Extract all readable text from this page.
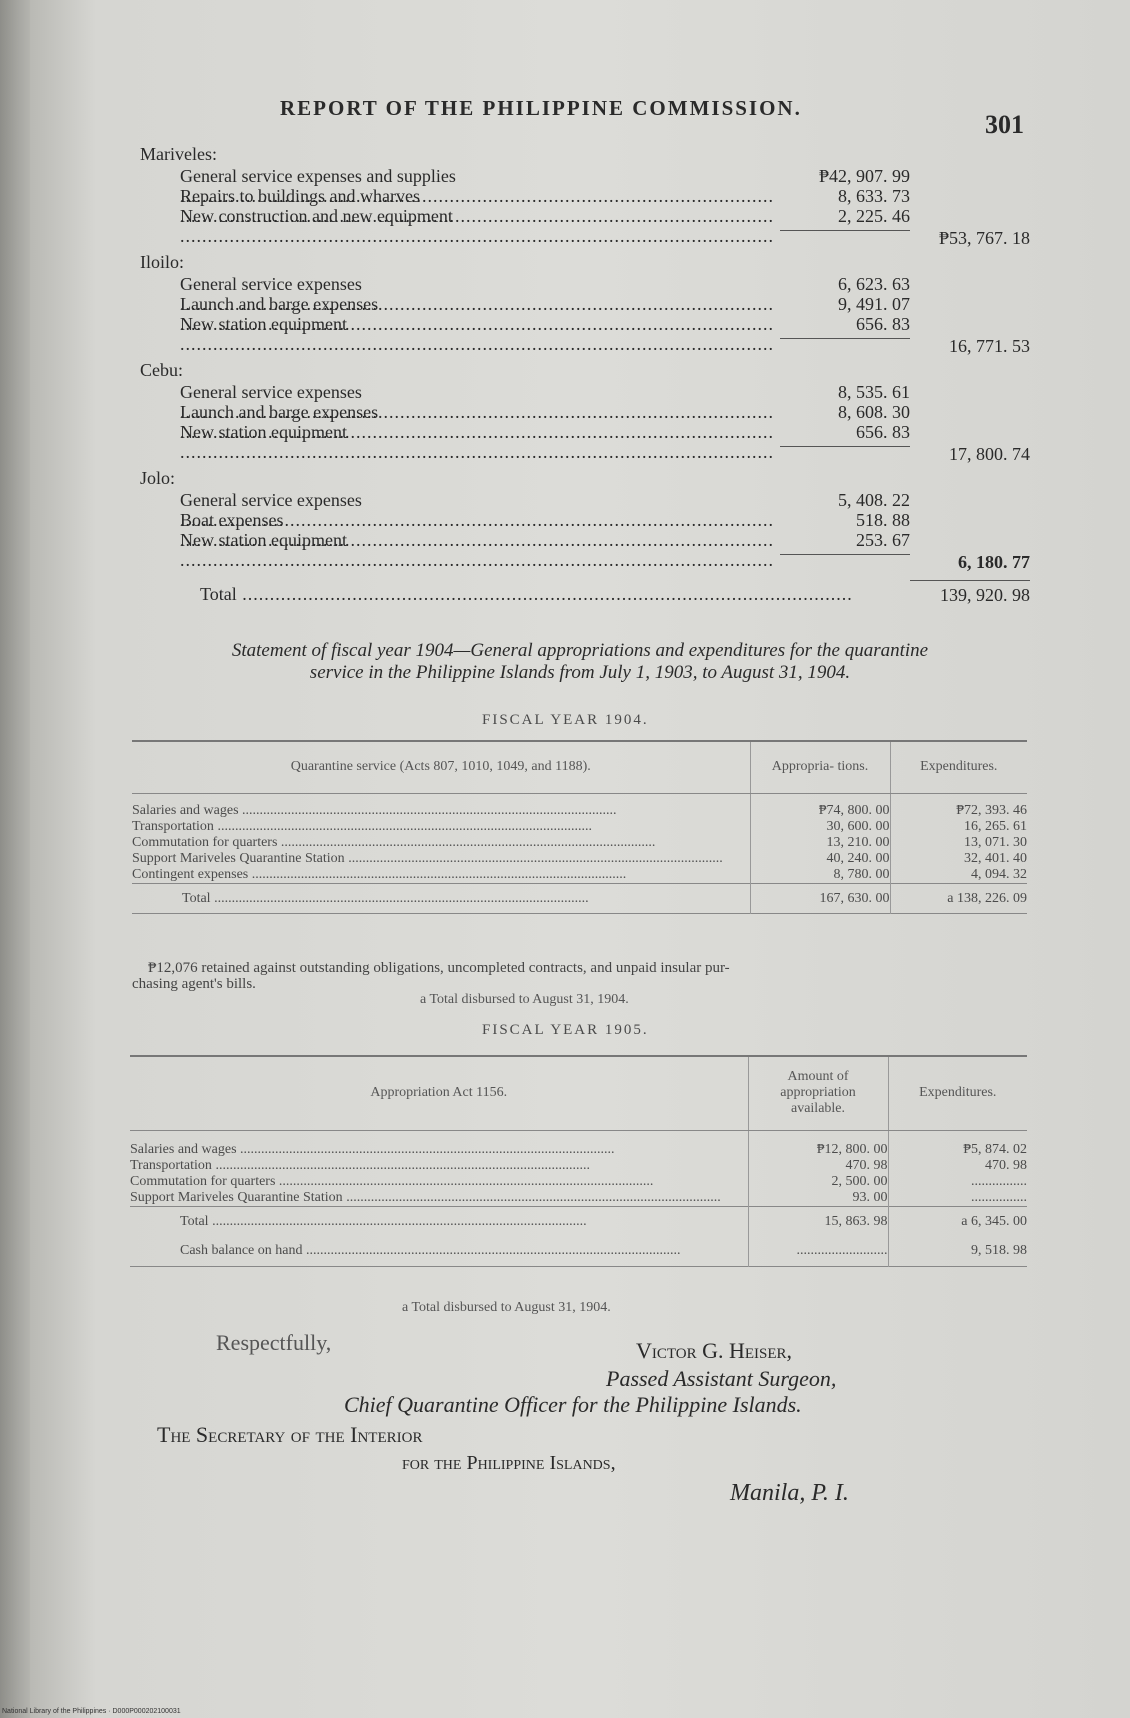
REPORT OF THE PHILIPPINE COMMISSION.
301
Mariveles:
General service expenses and supplies .....	₱42, 907. 99
Repairs to buildings and wharves .....	8, 633. 73
New construction and new equipment .....	2, 225. 46
₱53, 767. 18
Iloilo:
General service expenses .....	6, 623. 63
Launch and barge expenses .....	9, 491. 07
New station equipment .....	656. 83
16, 771. 53
Cebu:
General service expenses .....	8, 535. 61
Launch and barge expenses .....	8, 608. 30
New station equipment .....	656. 83
17, 800. 74
Jolo:
General service expenses .....	5, 408. 22
Boat expenses .....	518. 88
New station equipment .....	253. 67
6, 180. 77
Total .....	139, 920. 98
Statement of fiscal year 1904—General appropriations and expenditures for the quarantine
service in the Philippine Islands from July 1, 1903, to August 31, 1904.
FISCAL YEAR 1904.
Quarantine service (Acts 807, 1010, 1049, and 1188).	Appropria- tions.	Expenditures.

Salaries and wages .....	₱74, 800. 00	₱72, 393. 46

Transportation .....	30, 600. 00	16, 265. 61

Commutation for quarters .....	13, 210. 00	13, 071. 30

Support Mariveles Quarantine Station .....	40, 240. 00	32, 401. 40

Contingent expenses .....	8, 780. 00	4, 094. 32

Total .....	167, 630. 00	a 138, 226. 09

₱12,076 retained against outstanding obligations, uncompleted contracts, and unpaid insular pur-
chasing agent's bills.
a Total disbursed to August 31, 1904.
FISCAL YEAR 1905.
Appropriation Act 1156.	Amount of appropriation available.	Expenditures.

Salaries and wages .....	₱12, 800. 00	₱5, 874. 02

Transportation .....	470. 98	470. 98

Commutation for quarters .....	2, 500. 00	................

Support Mariveles Quarantine Station .....	93. 00	................

Total .....	15, 863. 98	a 6, 345. 00

Cash balance on hand .....	..........................	9, 518. 98

a Total disbursed to August 31, 1904.
Respectfully,	Victor G. Heiser,
Passed Assistant Surgeon,
Chief Quarantine Officer for the Philippine Islands.
The Secretary of the Interior
for the Philippine Islands,
Manila, P. I.
National Library of the Philippines · D000P000202100031
